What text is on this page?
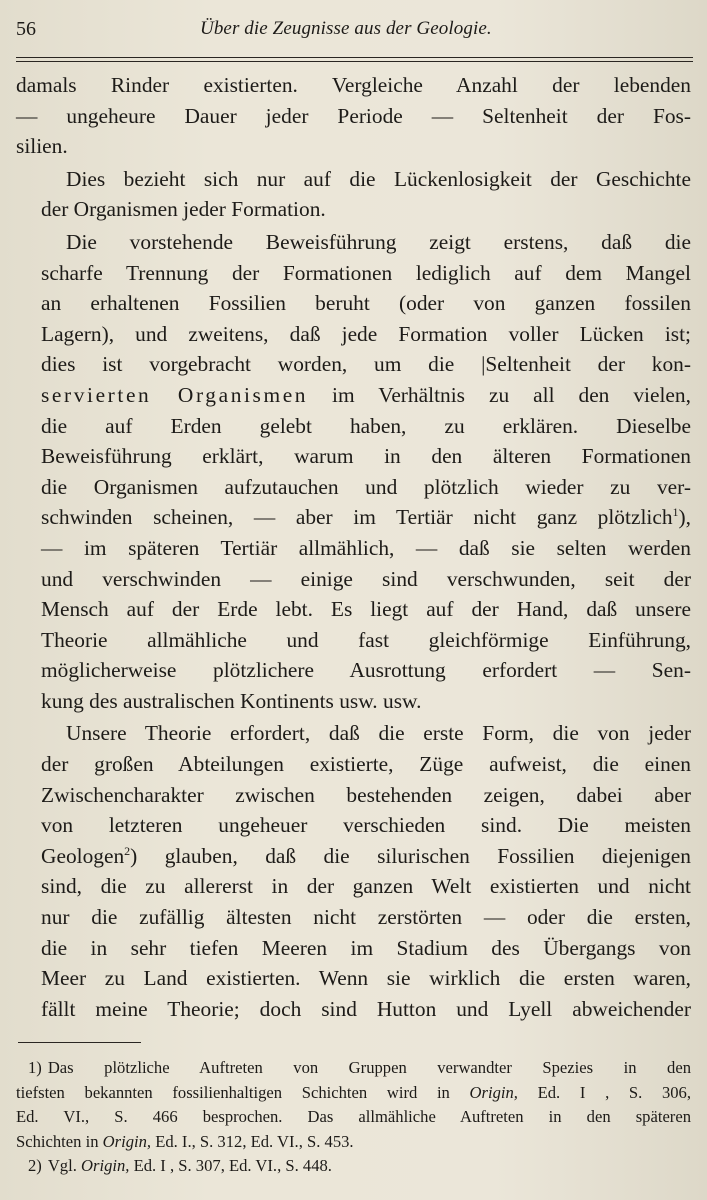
56	Über die Zeugnisse aus der Geologie.

damals Rinder existierten. Vergleiche Anzahl der lebenden
— ungeheure Dauer jeder Periode — Seltenheit der Fos-
silien.

Dies bezieht sich nur auf die Lückenlosigkeit der Geschichte
der Organismen jeder Formation.

Die vorstehende Beweisführung zeigt erstens, daß die
scharfe Trennung der Formationen lediglich auf dem Mangel
an erhaltenen Fossilien beruht (oder von ganzen fossilen
Lagern), und zweitens, daß jede Formation voller Lücken ist;
dies ist vorgebracht worden, um die |Seltenheit der kon-
servierten Organismen im Verhältnis zu all den vielen,
die auf Erden gelebt haben, zu erklären. Dieselbe
Beweisführung erklärt, warum in den älteren Formationen
die Organismen aufzutauchen und plötzlich wieder zu ver-
schwinden scheinen, — aber im Tertiär nicht ganz plötzlich$^1$),
— im späteren Tertiär allmählich, — daß sie selten werden
und verschwinden — einige sind verschwunden, seit der
Mensch auf der Erde lebt. Es liegt auf der Hand, daß unsere
Theorie allmähliche und fast gleichförmige Einführung,
möglicherweise plötzlichere Ausrottung erfordert — Sen-
kung des australischen Kontinents usw. usw.

Unsere Theorie erfordert, daß die erste Form, die von jeder
der großen Abteilungen existierte, Züge aufweist, die einen
Zwischencharakter zwischen bestehenden zeigen, dabei aber
von letzteren ungeheuer verschieden sind. Die meisten
Geologen$^2$) glauben, daß die silurischen Fossilien diejenigen
sind, die zu allererst in der ganzen Welt existierten und nicht
nur die zufällig ältesten nicht zerstörten — oder die ersten,
die in sehr tiefen Meeren im Stadium des Übergangs von
Meer zu Land existierten. Wenn sie wirklich die ersten waren,
fällt meine Theorie; doch sind Hutton und Lyell abweichender

1) Das plötzliche Auftreten von Gruppen verwandter Spezies in den
tiefsten bekannten fossilienhaltigen Schichten wird in Origin, Ed. I , S. 306,
Ed. VI., S. 466 besprochen. Das allmähliche Auftreten in den späteren
Schichten in Origin, Ed. I., S. 312, Ed. VI., S. 453.
2) Vgl. Origin, Ed. I , S. 307, Ed. VI., S. 448.
